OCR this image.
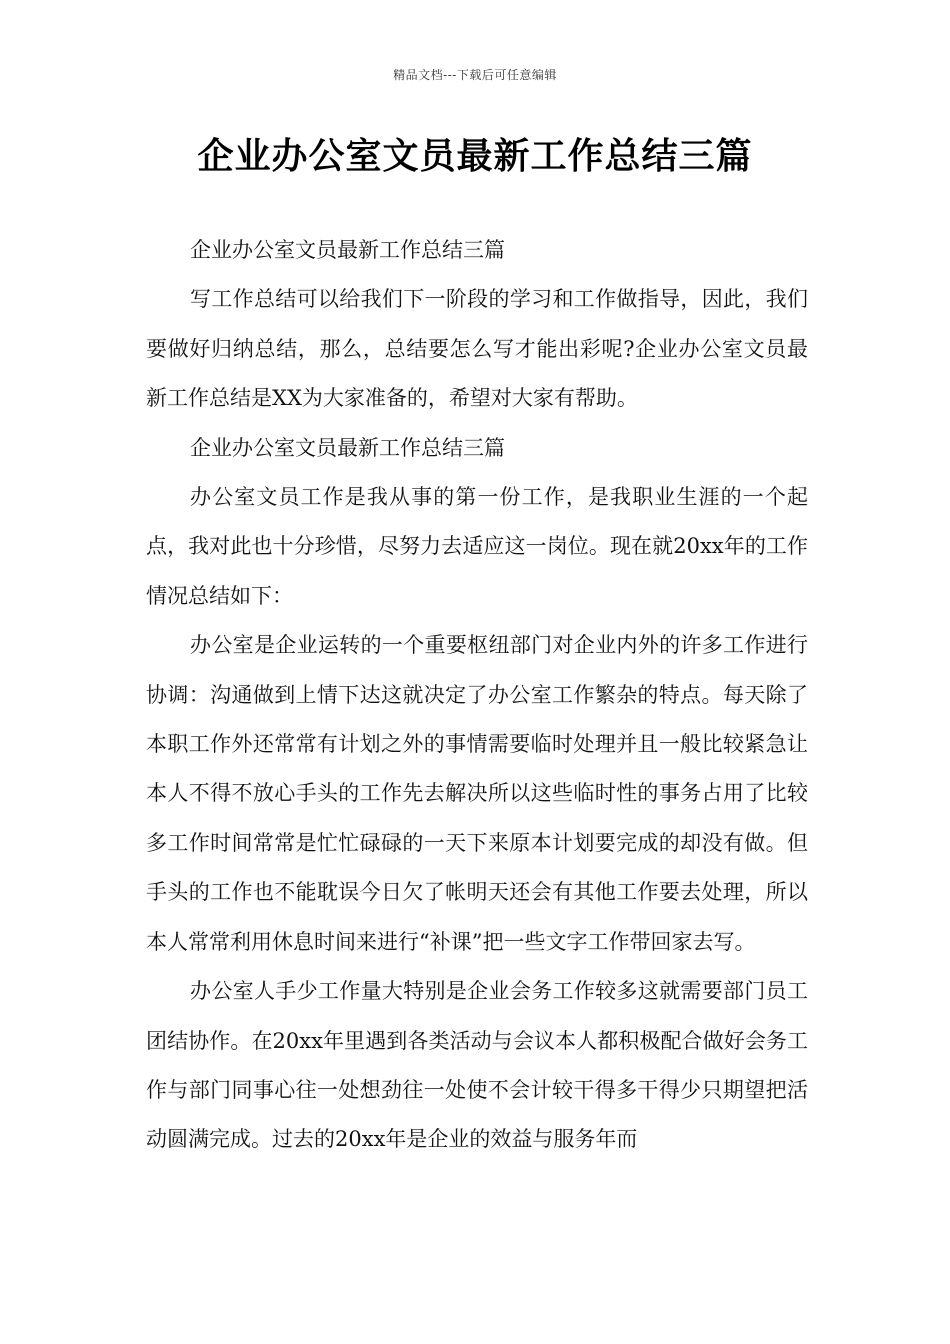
精品文档---下载后可任意编辑
企业办公室文员最新工作总结三篇

企业办公室文员最新工作总结三篇

写工作总结可以给我们下一阶段的学习和工作做指导，因此，我们要做好归纳总结，那么，总结要怎么写才能出彩呢?企业办公室文员最新工作总结是XX为大家准备的，希望对大家有帮助。

企业办公室文员最新工作总结三篇

办公室文员工作是我从事的第一份工作，是我职业生涯的一个起点，我对此也十分珍惜，尽努力去适应这一岗位。现在就20xx年的工作情况总结如下：

办公室是企业运转的一个重要枢纽部门对企业内外的许多工作进行协调：沟通做到上情下达这就决定了办公室工作繁杂的特点。每天除了本职工作外还常常有计划之外的事情需要临时处理并且一般比较紧急让本人不得不放心手头的工作先去解决所以这些临时性的事务占用了比较多工作时间常常是忙忙碌碌的一天下来原本计划要完成的却没有做。但手头的工作也不能耽误今日欠了帐明天还会有其他工作要去处理，所以本人常常利用休息时间来进行“补课”把一些文字工作带回家去写。

办公室人手少工作量大特别是企业会务工作较多这就需要部门员工团结协作。在20xx年里遇到各类活动与会议本人都积极配合做好会务工作与部门同事心往一处想劲往一处使不会计较干得多干得少只期望把活动圆满完成。过去的20xx年是企业的效益与服务年而
